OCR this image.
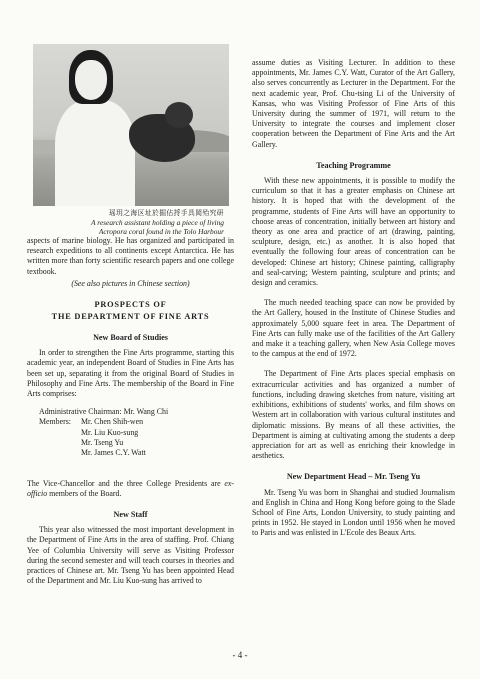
瑶玥之海区址於掘佔捋手具岡殆究研
A research assistant holding a piece of living
Acropora coral found in the Tolo Harbour

aspects of marine biology. He has organized and participated in research expeditions to all continents except Antarctica. He has written more than forty scientific research papers and one college textbook.

(See also pictures in Chinese section)

PROSPECTS OF
THE DEPARTMENT OF FINE ARTS
New Board of Studies

In order to strengthen the Fine Arts programme, starting this academic year, an independent Board of Studies in Fine Arts has been set up, separating it from the original Board of Studies in Philosophy and Fine Arts. The membership of the Board in Fine Arts comprises:

Administrative Chairman: Mr. Wang Chi
Members: Mr. Chen Shih-wen
Mr. Liu Kuo-sung
Mr. Tseng Yu
Mr. James C.Y. Watt

The Vice-Chancellor and the three College Presidents are ex-officio members of the Board.

New Staff

This year also witnessed the most important development in the Department of Fine Arts in the area of staffing. Prof. Chiang Yee of Columbia University will serve as Visiting Professor during the second semester and will teach courses in theories and practices of Chinese art. Mr. Tseng Yu has been appointed Head of the Department and Mr. Liu Kuo-sung has arrived to

assume duties as Visiting Lecturer. In addition to these appointments, Mr. James C.Y. Watt, Curator of the Art Gallery, also serves concurrently as Lecturer in the Department. For the next academic year, Prof. Chu-tsing Li of the University of Kansas, who was Visiting Professor of Fine Arts of this University during the summer of 1971, will return to the University to integrate the courses and implement closer cooperation between the Department of Fine Arts and the Art Gallery.

Teaching Programme

With these new appointments, it is possible to modify the curriculum so that it has a greater emphasis on Chinese art history. It is hoped that with the development of the programme, students of Fine Arts will have an opportunity to choose areas of concentration, initially between art history and theory as one area and practice of art (drawing, painting, sculpture, design, etc.) as another. It is also hoped that eventually the following four areas of concentration can be developed: Chinese art history; Chinese painting, calligraphy and seal-carving; Western painting, sculpture and prints; and design and ceramics.

The much needed teaching space can now be provided by the Art Gallery, housed in the Institute of Chinese Studies and approximately 5,000 square feet in area. The Department of Fine Arts can fully make use of the facilities of the Art Gallery and make it a teaching gallery, when New Asia College moves to the campus at the end of 1972.

The Department of Fine Arts places special emphasis on extracurricular activities and has organized a number of functions, including drawing sketches from nature, visiting art exhibitions, exhibitions of students' works, and film shows on Western art in collaboration with various cultural institutes and diplomatic missions. By means of all these activities, the Department is aiming at cultivating among the students a deep appreciation for art as well as enriching their knowledge in aesthetics.

New Department Head – Mr. Tseng Yu

Mr. Tseng Yu was born in Shanghai and studied Journalism and English in China and Hong Kong before going to the Slade School of Fine Arts, London University, to study painting and prints in 1952. He stayed in London until 1956 when he moved to Paris and was enlisted in L'Ecole des Beaux Arts.

- 4 -
